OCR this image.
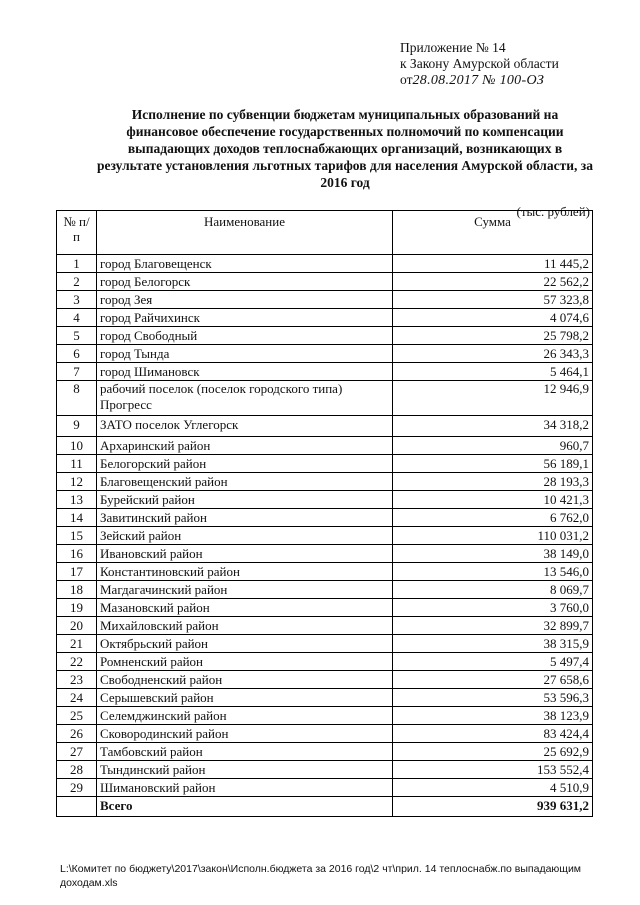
Приложение № 14
к Закону Амурской области
от28.08.2017 № 100-ОЗ
Исполнение по субвенции бюджетам муниципальных образований на финансовое обеспечение государственных полномочий по компенсации выпадающих доходов теплоснабжающих организаций, возникающих в результате установления льготных тарифов для населения Амурской области, за 2016 год
(тыс. рублей)
№ п/п	Наименование	Сумма
1	город Благовещенск	11 445,2
2	город Белогорск	22 562,2
3	город Зея	57 323,8
4	город Райчихинск	4 074,6
5	город Свободный	25 798,2
6	город Тында	26 343,3
7	город Шимановск	5 464,1
8	рабочий поселок (поселок городского типа) Прогресс	12 946,9
9	ЗАТО поселок Углегорск	34 318,2
10	Архаринский район	960,7
11	Белогорский район	56 189,1
12	Благовещенский район	28 193,3
13	Бурейский район	10 421,3
14	Завитинский район	6 762,0
15	Зейский район	110 031,2
16	Ивановский район	38 149,0
17	Константиновский район	13 546,0
18	Магдагачинский район	8 069,7
19	Мазановский район	3 760,0
20	Михайловский район	32 899,7
21	Октябрьский район	38 315,9
22	Ромненский район	5 497,4
23	Свободненский район	27 658,6
24	Серышевский район	53 596,3
25	Селемджинский район	38 123,9
26	Сковородинский район	83 424,4
27	Тамбовский район	25 692,9
28	Тындинский район	153 552,4
29	Шимановский район	4 510,9
	Всего	939 631,2
L:\Комитет по бюджету\2017\закон\Исполн.бюджета за 2016 год\2 чт\прил. 14 теплоснабж.по выпадающим доходам.xls
